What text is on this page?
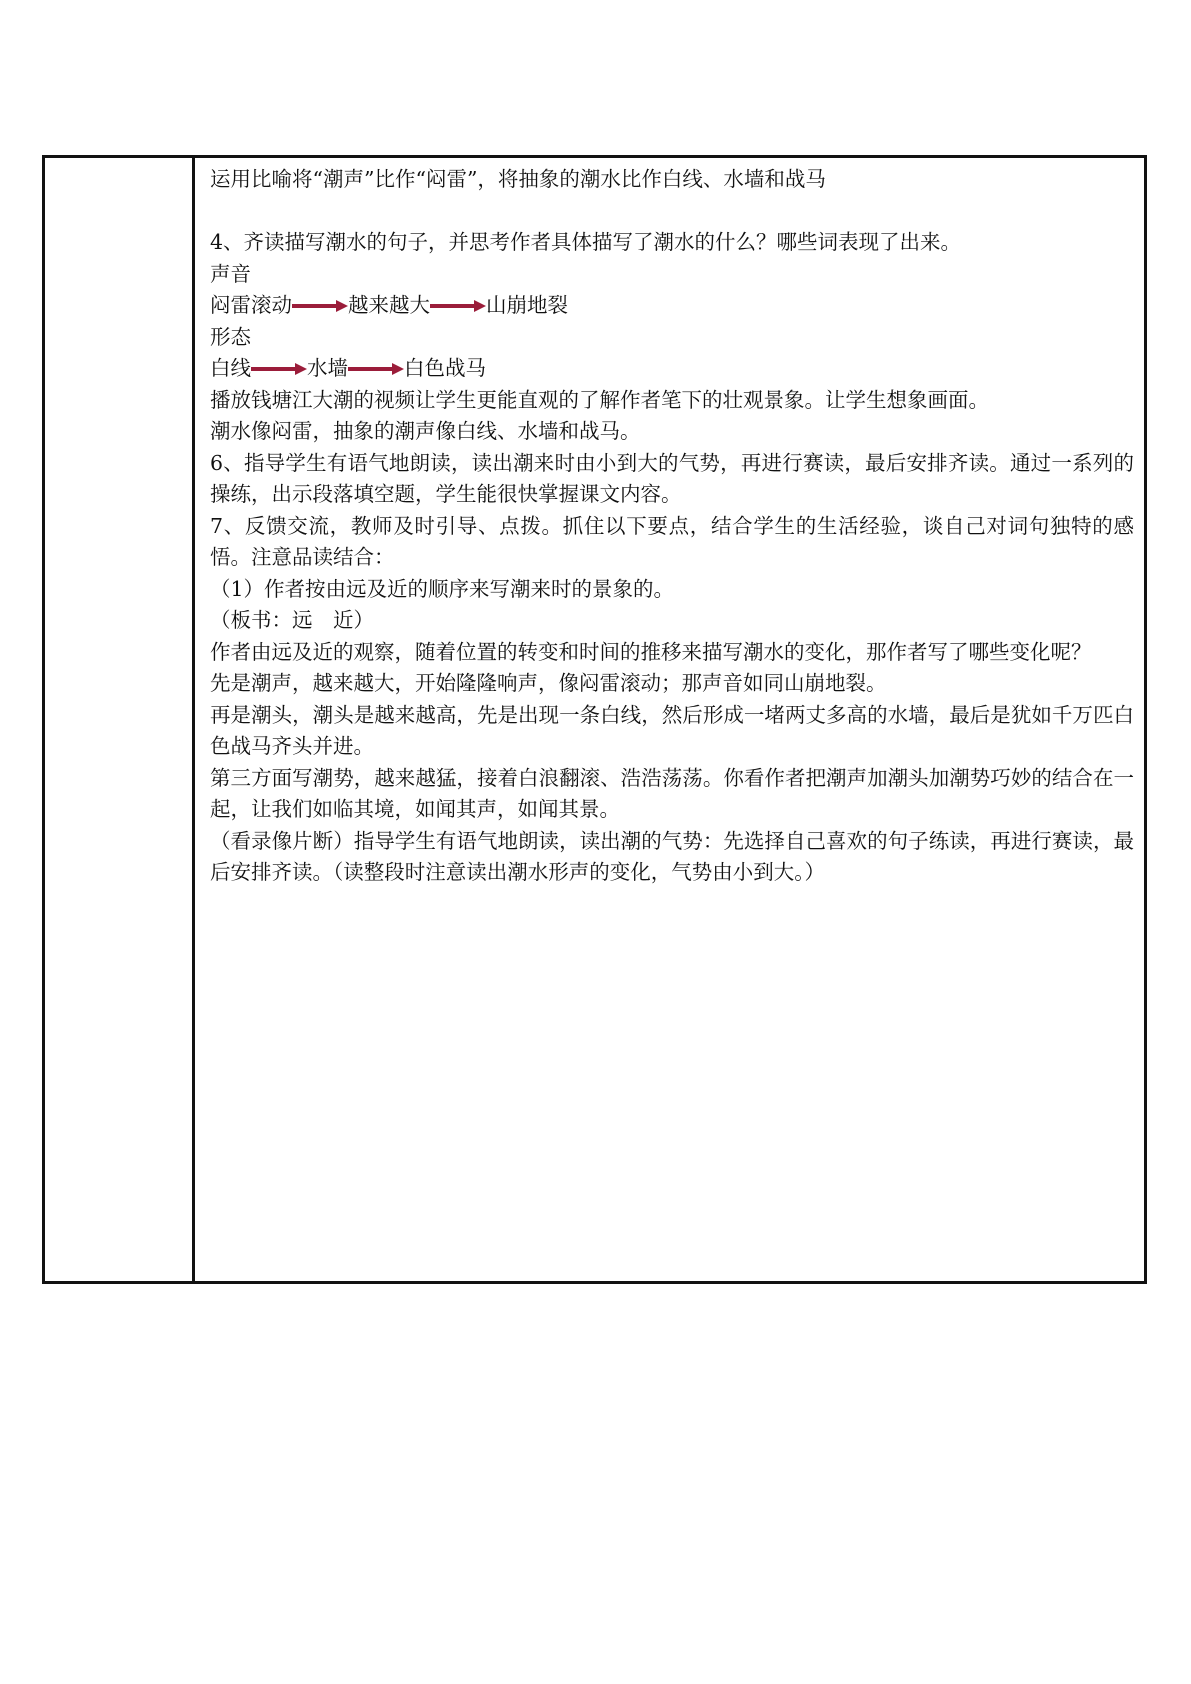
运用比喻将“潮声”比作“闷雷”，将抽象的潮水比作白线、水墙和战马

4、齐读描写潮水的句子，并思考作者具体描写了潮水的什么？哪些词表现了出来。

声音

闷雷滚动	越来越大	山崩地裂

形态

白线	水墙	白色战马

播放钱塘江大潮的视频让学生更能直观的了解作者笔下的壮观景象。让学生想象画面。

潮水像闷雷，抽象的潮声像白线、水墙和战马。

6、指导学生有语气地朗读，读出潮来时由小到大的气势，再进行赛读，最后安排齐读。通过一系列的操练，出示段落填空题，学生能很快掌握课文内容。

7、反馈交流，教师及时引导、点拨。抓住以下要点，结合学生的生活经验，谈自己对词句独特的感悟。注意品读结合：

（1）作者按由远及近的顺序来写潮来时的景象的。

（板书：远　近）

作者由远及近的观察，随着位置的转变和时间的推移来描写潮水的变化，那作者写了哪些变化呢？

先是潮声，越来越大，开始隆隆响声，像闷雷滚动；那声音如同山崩地裂。

再是潮头，潮头是越来越高，先是出现一条白线，然后形成一堵两丈多高的水墙，最后是犹如千万匹白色战马齐头并进。

第三方面写潮势，越来越猛，接着白浪翻滚、浩浩荡荡。你看作者把潮声加潮头加潮势巧妙的结合在一起，让我们如临其境，如闻其声，如闻其景。

（看录像片断）指导学生有语气地朗读，读出潮的气势：先选择自己喜欢的句子练读，再进行赛读，最后安排齐读。（读整段时注意读出潮水形声的变化，气势由小到大。）
